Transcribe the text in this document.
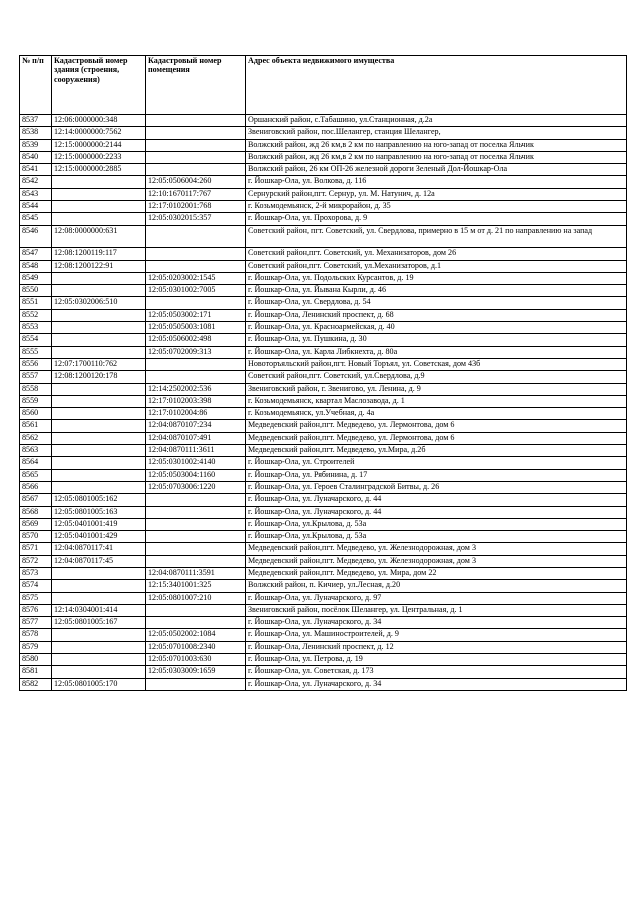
№ п/п	Кадастровый номер здания (строения, сооружения)	Кадастровый номер помещения	Адрес объекта недвижимого имущества
8537	12:06:0000000:348		Оршанский район, с.Табашино, ул.Станционная, д.2а
8538	12:14:0000000:7562		Звениговский район, пос.Шелангер, станция Шелангер,
8539	12:15:0000000:2144		Волжский район, жд 26 км,в 2 км по направлению на юго-запад от поселка Яльчик
8540	12:15:0000000:2233		Волжский район, жд 26 км,в 2 км по направлению на юго-запад от поселка Яльчик
8541	12:15:0000000:2885		Волжский район, 26 км ОП-26 железной дороги Зеленый Дол-Йошкар-Ола
8542		12:05:0506004:260	г. Йошкар-Ола, ул. Волкова, д. 116
8543		12:10:1670117:767	Сернурский район,пгт. Сернур, ул. М. Натунич, д. 12а
8544		12:17:0102001:768	г. Козьмодемьянск, 2-й микрорайон, д. 35
8545		12:05:0302015:357	г. Йошкар-Ола, ул. Прохорова, д. 9
8546	12:08:0000000:631		Советский район, пгт. Советский, ул. Свердлова, примерно в 15 м от д. 21 по направлению на запад
8547	12:08:1200119:117		Советский район,пгт. Советский, ул. Механизаторов, дом 26
8548	12:08:1200122:91		Советский район,пгт. Советский, ул.Механизаторов, д.1
8549		12:05:0203002:1545	г. Йошкар-Ола, ул. Подольских Курсантов, д. 19
8550		12:05:0301002:7005	г. Йошкар-Ола, ул. Йывана Кырли, д. 46
8551	12:05:0302006:510		г. Йошкар-Ола, ул. Свердлова, д. 54
8552		12:05:0503002:171	г. Йошкар-Ола, Ленинский проспект, д. 68
8553		12:05:0505003:1081	г. Йошкар-Ола, ул. Красноармейская, д. 40
8554		12:05:0506002:498	г. Йошкар-Ола, ул. Пушкина, д. 30
8555		12:05:0702009:313	г. Йошкар-Ола, ул. Карла Либкнехта, д. 80а
8556	12:07:1700110:762		Новоторъяльский район,пгт. Новый Торъял, ул. Советская, дом 43б
8557	12:08:1200120:178		Советский район,пгт. Советский, ул.Свердлова, д.9
8558		12:14:2502002:536	Звениговский район, г. Звенигово, ул. Ленина, д. 9
8559		12:17:0102003:398	г. Козьмодемьянск, квартал Маслозавода, д. 1
8560		12:17:0102004:86	г. Козьмодемьянск, ул.Учебная, д. 4а
8561		12:04:0870107:234	Медведевский район,пгт. Медведево, ул. Лермонтова, дом 6
8562		12:04:0870107:491	Медведевский район,пгт. Медведево, ул. Лермонтова, дом 6
8563		12:04:0870111:3611	Медведевский район,пгт. Медведево, ул.Мира, д.2б
8564		12:05:0301002:4140	г. Йошкар-Ола, ул. Строителей
8565		12:05:0503004:1160	г. Йошкар-Ола, ул. Рябинина, д. 17
8566		12:05:0703006:1220	г. Йошкар-Ола, ул. Героев Сталинградской Битвы, д. 26
8567	12:05:0801005:162		г. Йошкар-Ола, ул. Луначарского, д. 44
8568	12:05:0801005:163		г. Йошкар-Ола, ул. Луначарского, д. 44
8569	12:05:0401001:419		г. Йошкар-Ола, ул.Крылова, д. 53а
8570	12:05:0401001:429		г. Йошкар-Ола, ул.Крылова, д. 53а
8571	12:04:0870117:41		Медведевский район,пгт. Медведево, ул. Железнодорожная, дом 3
8572	12:04:0870117:45		Медведевский район,пгт. Медведево, ул. Железнодорожная, дом 3
8573		12:04:0870111:3591	Медведевский район,пгт. Медведево, ул. Мира, дом 22
8574		12:15:3401001:325	Волжский район, п. Кичиер, ул.Лесная, д.20
8575		12:05:0801007:210	г. Йошкар-Ола, ул. Луначарского, д. 97
8576	12:14:0304001:414		Звениговский район, посёлок Шелангер, ул. Центральная, д. 1
8577	12:05:0801005:167		г. Йошкар-Ола, ул. Луначарского, д. 34
8578		12:05:0502002:1084	г. Йошкар-Ола, ул. Машиностроителей, д. 9
8579		12:05:0701008:2340	г. Йошкар-Ола, Ленинский проспект, д. 12
8580		12:05:0701003:630	г. Йошкар-Ола, ул. Петрова, д. 19
8581		12:05:0303009:1659	г. Йошкар-Ола, ул. Советская, д. 173
8582	12:05:0801005:170		г. Йошкар-Ола, ул. Луначарского, д. 34
